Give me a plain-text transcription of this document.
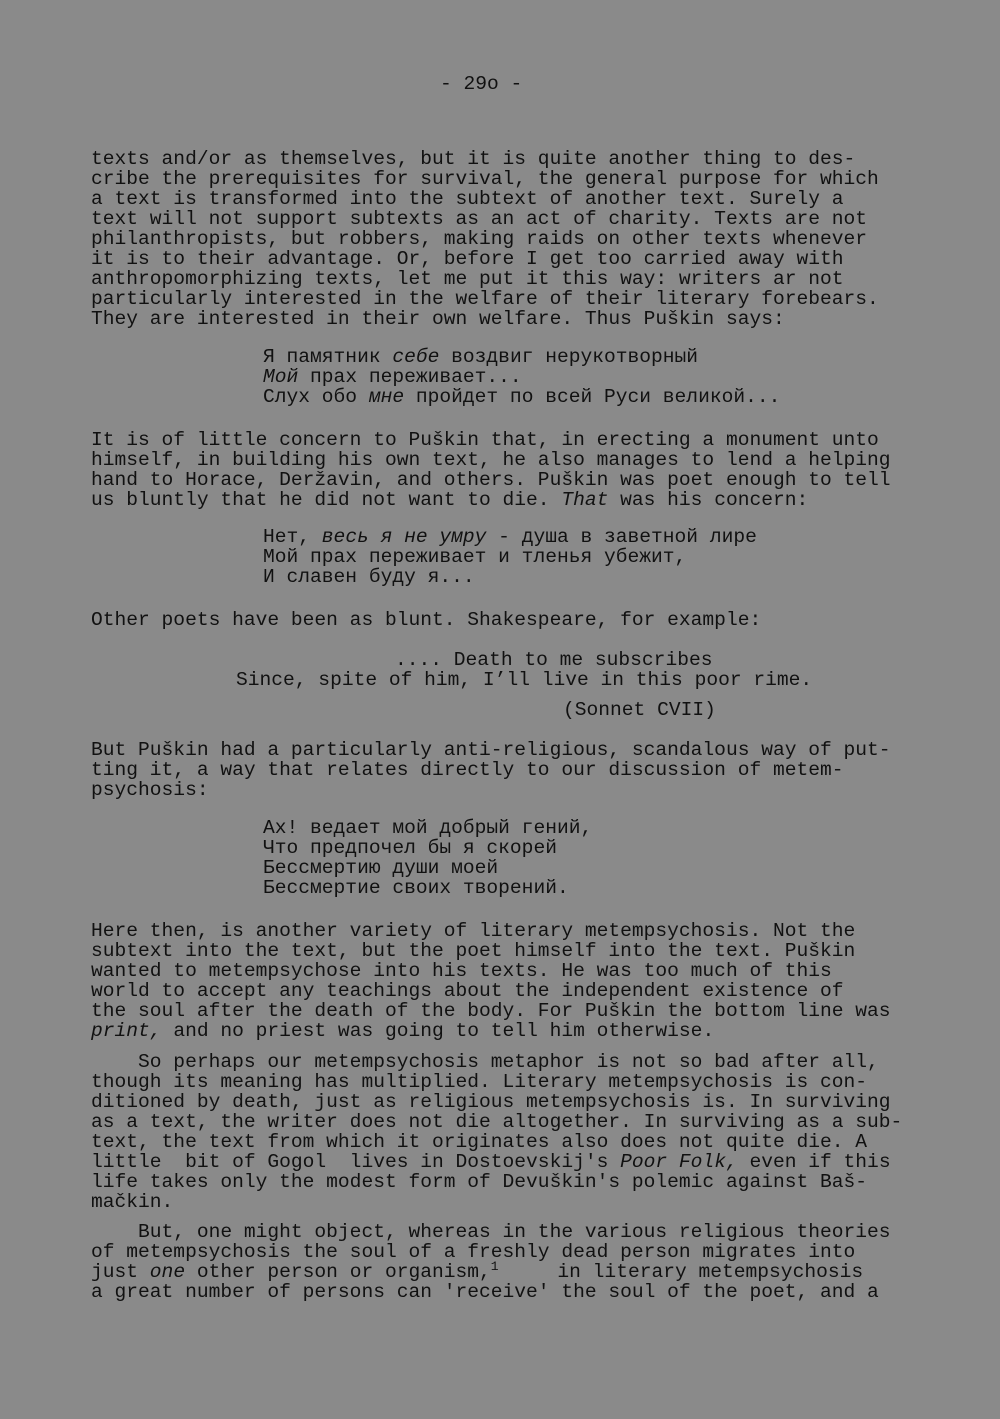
- 29o -
texts and/or as themselves, but it is quite another thing to des-
cribe the prerequisites for survival, the general purpose for which
a text is transformed into the subtext of another text. Surely a
text will not support subtexts as an act of charity. Texts are not
philanthropists, but robbers, making raids on other texts whenever
it is to their advantage. Or, before I get too carried away with
anthropomorphizing texts, let me put it this way: writers ar not
particularly interested in the welfare of their literary forebears.
They are interested in their own welfare. Thus Puškin says:
Я памятник себе воздвиг нерукотворный
Мой прах переживает...
Слух обо мне пройдет по всей Руси великой...
It is of little concern to Puškin that, in erecting a monument unto
himself, in building his own text, he also manages to lend a helping
hand to Horace, Deržavin, and others. Puškin was poet enough to tell
us bluntly that he did not want to die. That was his concern:
Нет, весь я не умру - душа в заветной лире
Мой прах переживает и тленья убежит,
И славен буду я...
Other poets have been as blunt. Shakespeare, for example:
.... Death to me subscribes
Since, spite of him, I’ll live in this poor rime.
(Sonnet CVII)
But Puškin had a particularly anti-religious, scandalous way of put-
ting it, a way that relates directly to our discussion of metem-
psychosis:
Ах! ведает мой добрый гений,
Что предпочел бы я скорей
Бессмертию души моей
Бессмертие своих творений.
Here then, is another variety of literary metempsychosis. Not the
subtext into the text, but the poet himself into the text. Puškin
wanted to metempsychose into his texts. He was too much of this
world to accept any teachings about the independent existence of
the soul after the death of the body. For Puškin the bottom line was
print, and no priest was going to tell him otherwise.
So perhaps our metempsychosis metaphor is not so bad after all,
though its meaning has multiplied. Literary metempsychosis is con-
ditioned by death, just as religious metempsychosis is. In surviving
as a text, the writer does not die altogether. In surviving as a sub-
text, the text from which it originates also does not quite die. A
little  bit of Gogol  lives in Dostoevskij's Poor Folk, even if this
life takes only the modest form of Devuškin's polemic against Baš-
mačkin.
But, one might object, whereas in the various religious theories
of metempsychosis the soul of a freshly dead person migrates into
just one other person or organism,$^1$     in literary metempsychosis
a great number of persons can 'receive' the soul of the poet, and a
